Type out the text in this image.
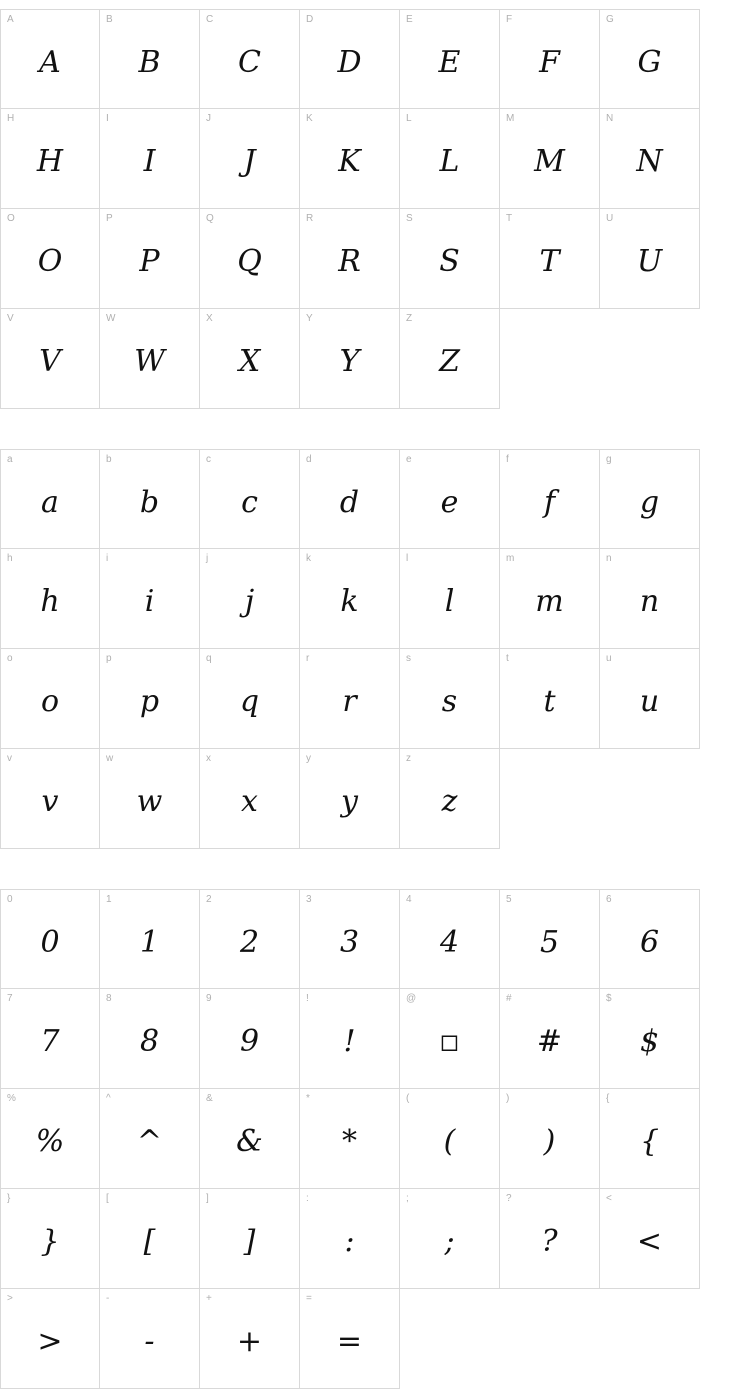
A
A
B
B
C
C
D
D
E
E
F
F
G
G
H
H
I
I
J
J
K
K
L
L
M
M
N
N
O
O
P
P
Q
Q
R
R
S
S
T
T
U
U
V
V
W
W
X
X
Y
Y
Z
Z
a
a
b
b
c
c
d
d
e
e
f
f
g
g
h
h
i
i
j
j
k
k
l
l
m
m
n
n
o
o
p
p
q
q
r
r
s
s
t
t
u
u
v
v
w
w
x
x
y
y
z
z
0
0
1
1
2
2
3
3
4
4
5
5
6
6
7
7
8
8
9
9
!
!
@
□
#
#
$
$
%
%
^
^
&
&
*
*
(
(
)
)
{
{
}
}
[
[
]
]
:
:
;
;
?
?
<
<
>
>
-
-
+
+
=
=
